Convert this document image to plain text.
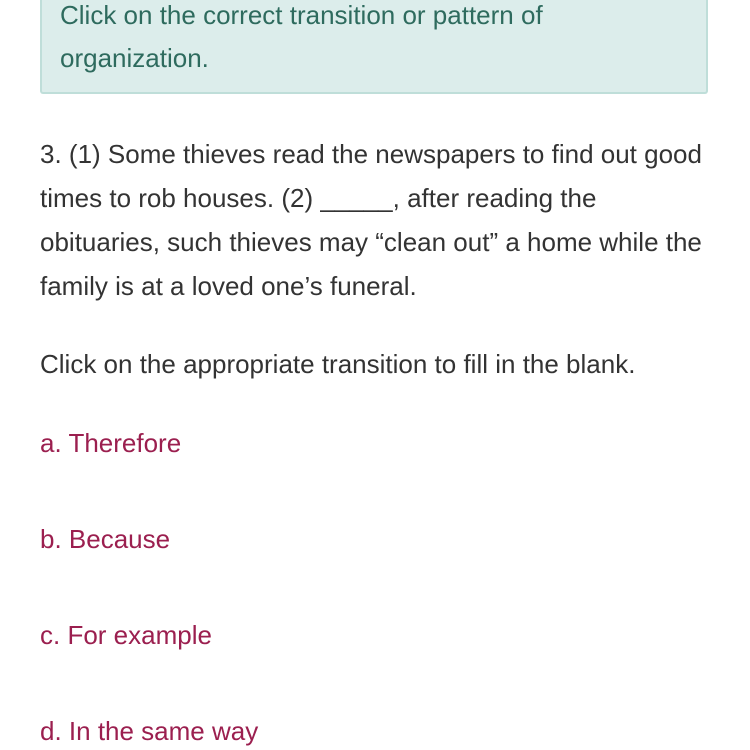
Click on the correct transition or pattern of organization.

3. (1) Some thieves read the newspapers to find out good times to rob houses. (2) _____, after reading the obituaries, such thieves may “clean out” a home while the family is at a loved one’s funeral.

Click on the appropriate transition to fill in the blank.

a. Therefore
b. Because
c. For example
d. In the same way
